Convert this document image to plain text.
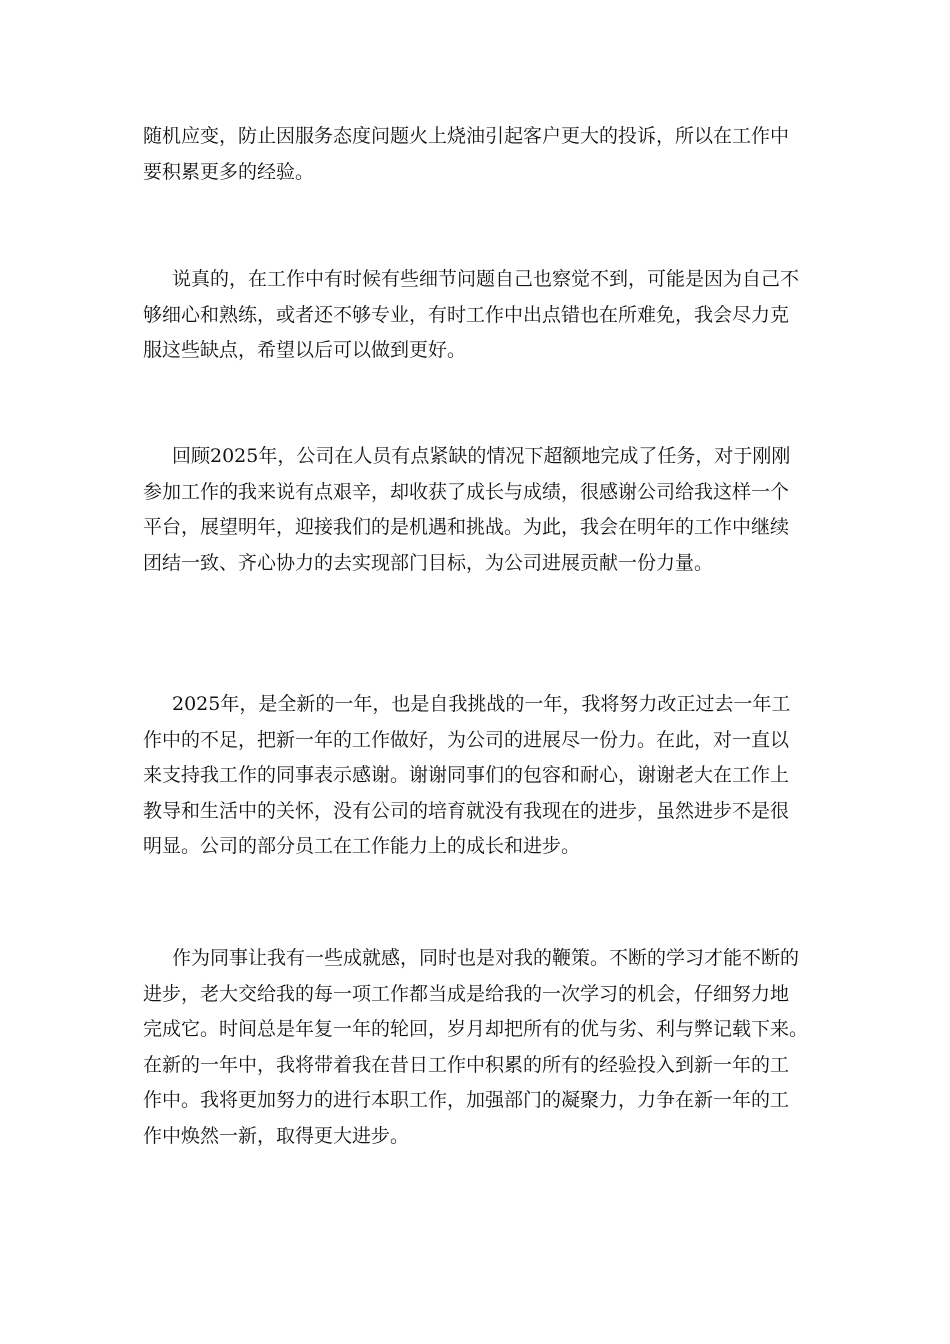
随机应变，防止因服务态度问题火上烧油引起客户更大的投诉，所以在工作中
要积累更多的经验。
说真的，在工作中有时候有些细节问题自己也察觉不到，可能是因为自己不
够细心和熟练，或者还不够专业，有时工作中出点错也在所难免，我会尽力克
服这些缺点，希望以后可以做到更好。
回顾2025年，公司在人员有点紧缺的情况下超额地完成了任务，对于刚刚
参加工作的我来说有点艰辛，却收获了成长与成绩，很感谢公司给我这样一个
平台，展望明年，迎接我们的是机遇和挑战。为此，我会在明年的工作中继续
团结一致、齐心协力的去实现部门目标，为公司进展贡献一份力量。
2025年，是全新的一年，也是自我挑战的一年，我将努力改正过去一年工
作中的不足，把新一年的工作做好，为公司的进展尽一份力。在此，对一直以
来支持我工作的同事表示感谢。谢谢同事们的包容和耐心，谢谢老大在工作上
教导和生活中的关怀，没有公司的培育就没有我现在的进步，虽然进步不是很
明显。公司的部分员工在工作能力上的成长和进步。
作为同事让我有一些成就感，同时也是对我的鞭策。不断的学习才能不断的
进步，老大交给我的每一项工作都当成是给我的一次学习的机会，仔细努力地
完成它。时间总是年复一年的轮回，岁月却把所有的优与劣、利与弊记载下来。
在新的一年中，我将带着我在昔日工作中积累的所有的经验投入到新一年的工
作中。我将更加努力的进行本职工作，加强部门的凝聚力，力争在新一年的工
作中焕然一新，取得更大进步。
